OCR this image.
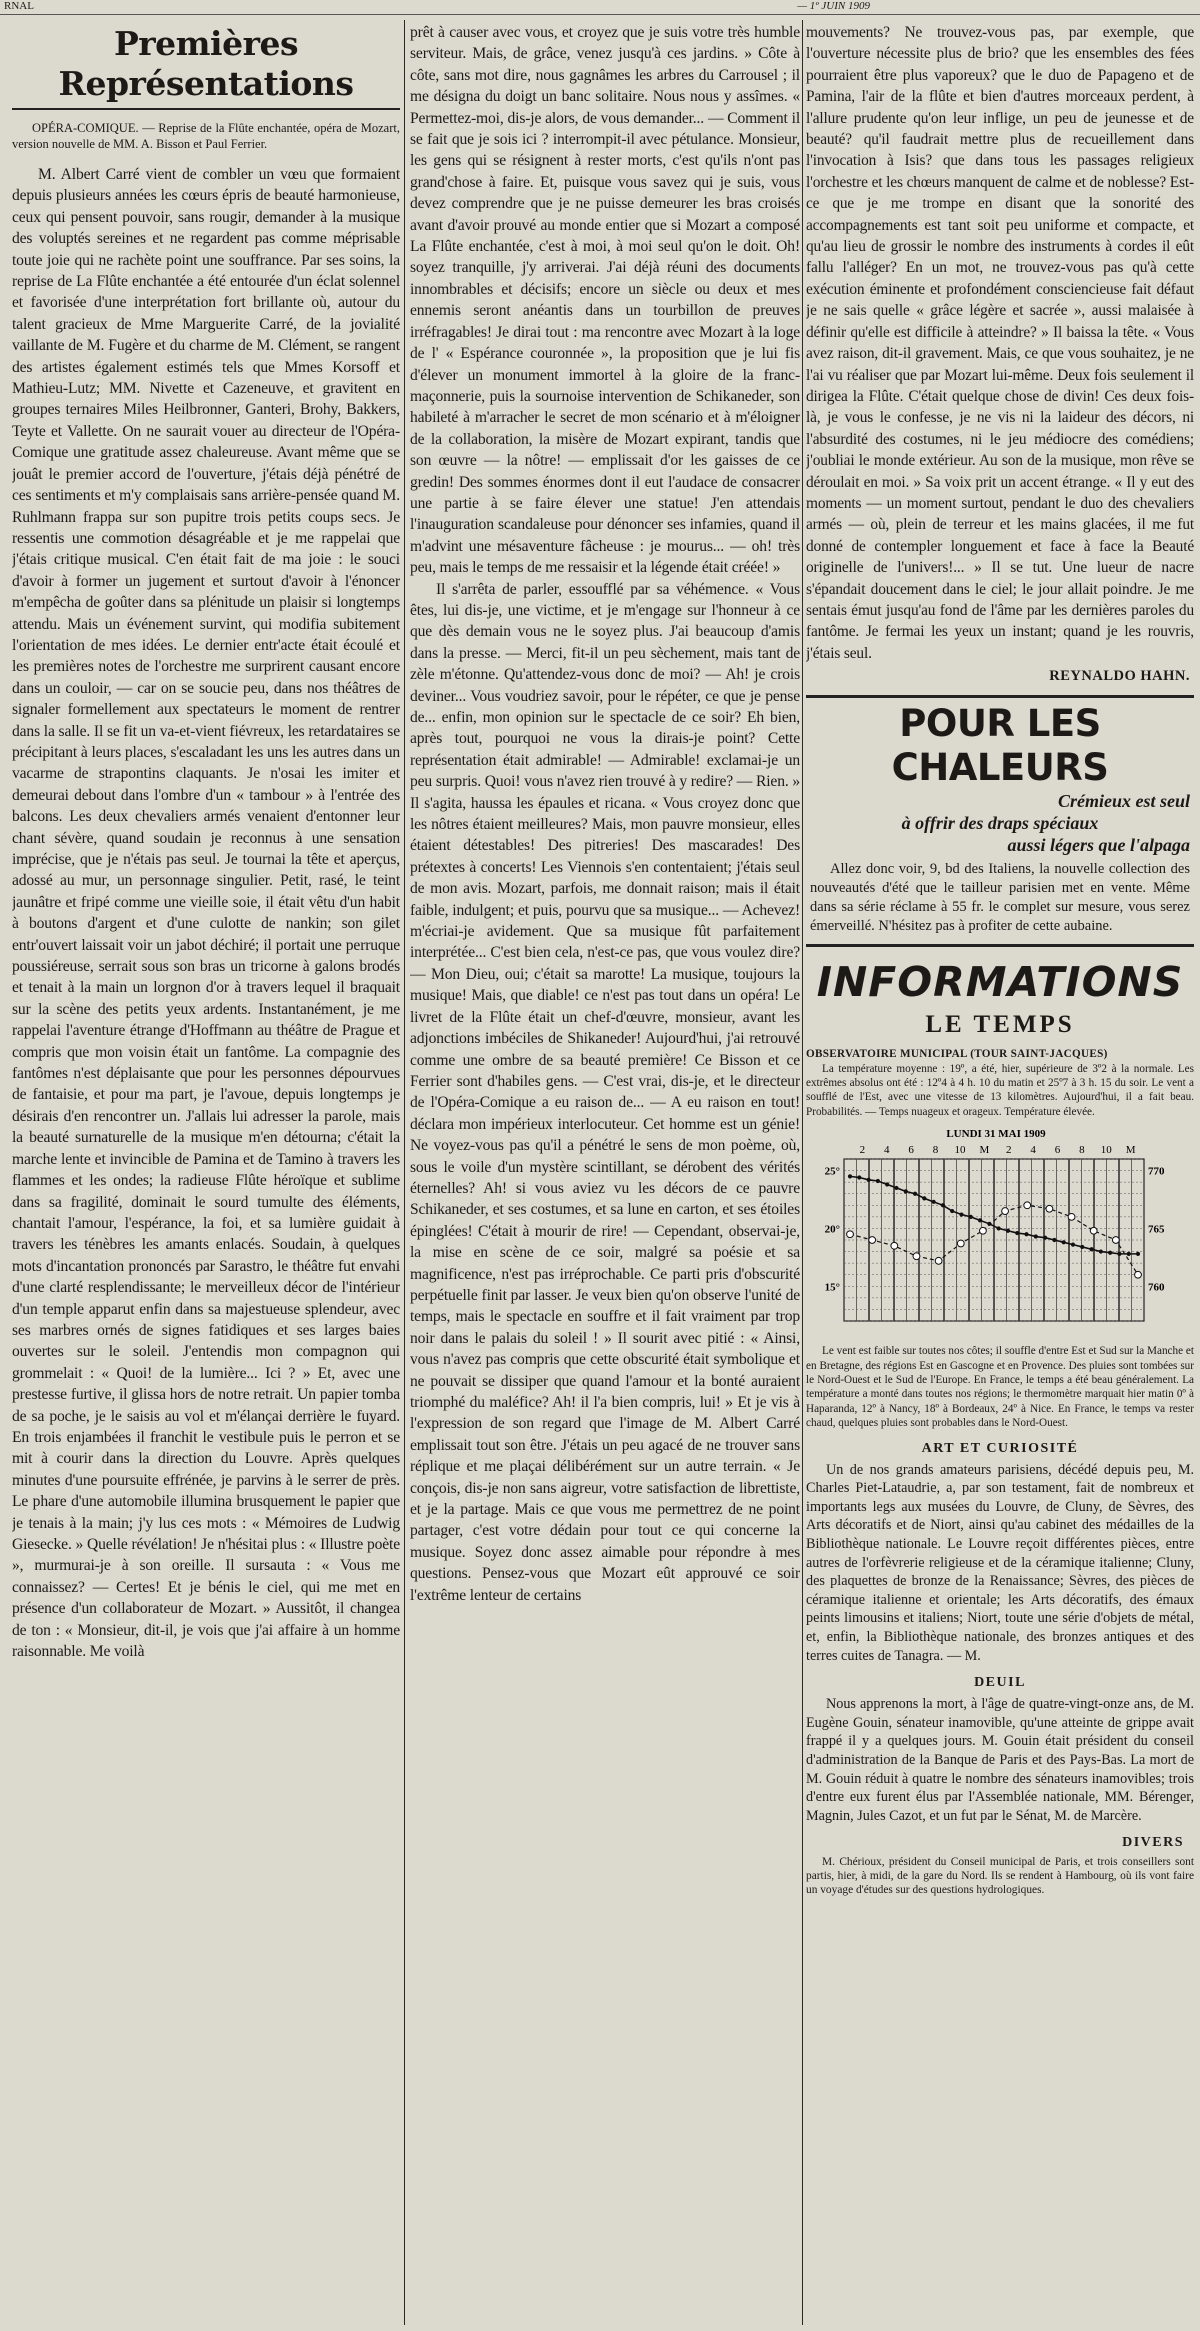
RNAL	— 1º JUIN 1909
Premières Représentations

OPÉRA-COMIQUE. — Reprise de la Flûte enchantée, opéra de Mozart, version nouvelle de MM. A. Bisson et Paul Ferrier.

M. Albert Carré vient de combler un vœu que formaient depuis plusieurs années les cœurs épris de beauté harmonieuse, ceux qui pensent pouvoir, sans rougir, demander à la musique des voluptés sereines et ne regardent pas comme méprisable toute joie qui ne rachète point une souffrance. Par ses soins, la reprise de La Flûte enchantée a été entourée d'un éclat solennel et favorisée d'une interprétation fort brillante où, autour du talent gracieux de Mme Marguerite Carré, de la jovialité vaillante de M. Fugère et du charme de M. Clément, se rangent des artistes également estimés tels que Mmes Korsoff et Mathieu-Lutz; MM. Nivette et Cazeneuve, et gravitent en groupes ternaires Miles Heilbronner, Ganteri, Brohy, Bakkers, Teyte et Vallette. On ne saurait vouer au directeur de l'Opéra-Comique une gratitude assez chaleureuse. Avant même que se jouât le premier accord de l'ouverture, j'étais déjà pénétré de ces sentiments et m'y complaisais sans arrière-pensée quand M. Ruhlmann frappa sur son pupitre trois petits coups secs. Je ressentis une commotion désagréable et je me rappelai que j'étais critique musical. C'en était fait de ma joie : le souci d'avoir à former un jugement et surtout d'avoir à l'énoncer m'empêcha de goûter dans sa plénitude un plaisir si longtemps attendu. Mais un événement survint, qui modifia subitement l'orientation de mes idées. Le dernier entr'acte était écoulé et les premières notes de l'orchestre me surprirent causant encore dans un couloir, — car on se soucie peu, dans nos théâtres de signaler formellement aux spectateurs le moment de rentrer dans la salle. Il se fit un va-et-vient fiévreux, les retardataires se précipitant à leurs places, s'escaladant les uns les autres dans un vacarme de strapontins claquants. Je n'osai les imiter et demeurai debout dans l'ombre d'un « tambour » à l'entrée des balcons. Les deux chevaliers armés venaient d'entonner leur chant sévère, quand soudain je reconnus à une sensation imprécise, que je n'étais pas seul. Je tournai la tête et aperçus, adossé au mur, un personnage singulier. Petit, rasé, le teint jaunâtre et fripé comme une vieille soie, il était vêtu d'un habit à boutons d'argent et d'une culotte de nankin; son gilet entr'ouvert laissait voir un jabot déchiré; il portait une perruque poussiéreuse, serrait sous son bras un tricorne à galons brodés et tenait à la main un lorgnon d'or à travers lequel il braquait sur la scène des petits yeux ardents. Instantanément, je me rappelai l'aventure étrange d'Hoffmann au théâtre de Prague et compris que mon voisin était un fantôme. La compagnie des fantômes n'est déplaisante que pour les personnes dépourvues de fantaisie, et pour ma part, je l'avoue, depuis longtemps je désirais d'en rencontrer un. J'allais lui adresser la parole, mais la beauté surnaturelle de la musique m'en détourna; c'était la marche lente et invincible de Pamina et de Tamino à travers les flammes et les ondes; la radieuse Flûte héroïque et sublime dans sa fragilité, dominait le sourd tumulte des éléments, chantait l'amour, l'espérance, la foi, et sa lumière guidait à travers les ténèbres les amants enlacés. Soudain, à quelques mots d'incantation prononcés par Sarastro, le théâtre fut envahi d'une clarté resplendissante; le merveilleux décor de l'intérieur d'un temple apparut enfin dans sa majestueuse splendeur, avec ses marbres ornés de signes fatidiques et ses larges baies ouvertes sur le soleil. J'entendis mon compagnon qui grommelait : « Quoi! de la lumière... Ici ? » Et, avec une prestesse furtive, il glissa hors de notre retrait. Un papier tomba de sa poche, je le saisis au vol et m'élançai derrière le fuyard. En trois enjambées il franchit le vestibule puis le perron et se mit à courir dans la direction du Louvre. Après quelques minutes d'une poursuite effrénée, je parvins à le serrer de près. Le phare d'une automobile illumina brusquement le papier que je tenais à la main; j'y lus ces mots : « Mémoires de Ludwig Giesecke. » Quelle révélation! Je n'hésitai plus : « Illustre poète », murmurai-je à son oreille. Il sursauta : « Vous me connaissez? — Certes! Et je bénis le ciel, qui me met en présence d'un collaborateur de Mozart. » Aussitôt, il changea de ton : « Monsieur, dit-il, je vois que j'ai affaire à un homme raisonnable. Me voilà

prêt à causer avec vous, et croyez que je suis votre très humble serviteur. Mais, de grâce, venez jusqu'à ces jardins. » Côte à côte, sans mot dire, nous gagnâmes les arbres du Carrousel ; il me désigna du doigt un banc solitaire. Nous nous y assîmes. « Permettez-moi, dis-je alors, de vous demander... — Comment il se fait que je sois ici ? interrompit-il avec pétulance. Monsieur, les gens qui se résignent à rester morts, c'est qu'ils n'ont pas grand'chose à faire. Et, puisque vous savez qui je suis, vous devez comprendre que je ne puisse demeurer les bras croisés avant d'avoir prouvé au monde entier que si Mozart a composé La Flûte enchantée, c'est à moi, à moi seul qu'on le doit. Oh! soyez tranquille, j'y arriverai. J'ai déjà réuni des documents innombrables et décisifs; encore un siècle ou deux et mes ennemis seront anéantis dans un tourbillon de preuves irréfragables! Je dirai tout : ma rencontre avec Mozart à la loge de l' « Espérance couronnée », la proposition que je lui fis d'élever un monument immortel à la gloire de la franc-maçonnerie, puis la sournoise intervention de Schikaneder, son habileté à m'arracher le secret de mon scénario et à m'éloigner de la collaboration, la misère de Mozart expirant, tandis que son œuvre — la nôtre! — emplissait d'or les gaisses de ce gredin! Des sommes énormes dont il eut l'audace de consacrer une partie à se faire élever une statue! J'en attendais l'inauguration scandaleuse pour dénoncer ses infamies, quand il m'advint une mésaventure fâcheuse : je mourus... — oh! très peu, mais le temps de me ressaisir et la légende était créée! »

Il s'arrêta de parler, essoufflé par sa véhémence. « Vous êtes, lui dis-je, une victime, et je m'engage sur l'honneur à ce que dès demain vous ne le soyez plus. J'ai beaucoup d'amis dans la presse. — Merci, fit-il un peu sèchement, mais tant de zèle m'étonne. Qu'attendez-vous donc de moi? — Ah! je crois deviner... Vous voudriez savoir, pour le répéter, ce que je pense de... enfin, mon opinion sur le spectacle de ce soir? Eh bien, après tout, pourquoi ne vous la dirais-je point? Cette représentation était admirable! — Admirable! exclamai-je un peu surpris. Quoi! vous n'avez rien trouvé à y redire? — Rien. » Il s'agita, haussa les épaules et ricana. « Vous croyez donc que les nôtres étaient meilleures? Mais, mon pauvre monsieur, elles étaient détestables! Des pitreries! Des mascarades! Des prétextes à concerts! Les Viennois s'en contentaient; j'étais seul de mon avis. Mozart, parfois, me donnait raison; mais il était faible, indulgent; et puis, pourvu que sa musique... — Achevez! m'écriai-je avidement. Que sa musique fût parfaitement interprétée... C'est bien cela, n'est-ce pas, que vous voulez dire? — Mon Dieu, oui; c'était sa marotte! La musique, toujours la musique! Mais, que diable! ce n'est pas tout dans un opéra! Le livret de la Flûte était un chef-d'œuvre, monsieur, avant les adjonctions imbéciles de Shikaneder! Aujourd'hui, j'ai retrouvé comme une ombre de sa beauté première! Ce Bisson et ce Ferrier sont d'habiles gens. — C'est vrai, dis-je, et le directeur de l'Opéra-Comique a eu raison de... — A eu raison en tout! déclara mon impérieux interlocuteur. Cet homme est un génie! Ne voyez-vous pas qu'il a pénétré le sens de mon poème, où, sous le voile d'un mystère scintillant, se dérobent des vérités éternelles? Ah! si vous aviez vu les décors de ce pauvre Schikaneder, et ses costumes, et sa lune en carton, et ses étoiles épinglées! C'était à mourir de rire! — Cependant, observai-je, la mise en scène de ce soir, malgré sa poésie et sa magnificence, n'est pas irréprochable. Ce parti pris d'obscurité perpétuelle finit par lasser. Je veux bien qu'on observe l'unité de temps, mais le spectacle en souffre et il fait vraiment par trop noir dans le palais du soleil ! » Il sourit avec pitié : « Ainsi, vous n'avez pas compris que cette obscurité était symbolique et ne pouvait se dissiper que quand l'amour et la bonté auraient triomphé du maléfice? Ah! il l'a bien compris, lui! » Et je vis à l'expression de son regard que l'image de M. Albert Carré emplissait tout son être. J'étais un peu agacé de ne trouver sans réplique et me plaçai délibérément sur un autre terrain. « Je conçois, dis-je non sans aigreur, votre satisfaction de librettiste, et je la partage. Mais ce que vous me permettrez de ne point partager, c'est votre dédain pour tout ce qui concerne la musique. Soyez donc assez aimable pour répondre à mes questions. Pensez-vous que Mozart eût approuvé ce soir l'extrême lenteur de certains

mouvements? Ne trouvez-vous pas, par exemple, que l'ouverture nécessite plus de brio? que les ensembles des fées pourraient être plus vaporeux? que le duo de Papageno et de Pamina, l'air de la flûte et bien d'autres morceaux perdent, à l'allure prudente qu'on leur inflige, un peu de jeunesse et de beauté? qu'il faudrait mettre plus de recueillement dans l'invocation à Isis? que dans tous les passages religieux l'orchestre et les chœurs manquent de calme et de noblesse? Est-ce que je me trompe en disant que la sonorité des accompagnements est tant soit peu uniforme et compacte, et qu'au lieu de grossir le nombre des instruments à cordes il eût fallu l'alléger? En un mot, ne trouvez-vous pas qu'à cette exécution éminente et profondément consciencieuse fait défaut je ne sais quelle « grâce légère et sacrée », aussi malaisée à définir qu'elle est difficile à atteindre? » Il baissa la tête. « Vous avez raison, dit-il gravement. Mais, ce que vous souhaitez, je ne l'ai vu réaliser que par Mozart lui-même. Deux fois seulement il dirigea la Flûte. C'était quelque chose de divin! Ces deux fois-là, je vous le confesse, je ne vis ni la laideur des décors, ni l'absurdité des costumes, ni le jeu médiocre des comédiens; j'oubliai le monde extérieur. Au son de la musique, mon rêve se déroulait en moi. » Sa voix prit un accent étrange. « Il y eut des moments — un moment surtout, pendant le duo des chevaliers armés — où, plein de terreur et les mains glacées, il me fut donné de contempler longuement et face à face la Beauté originelle de l'univers!... » Il se tut. Une lueur de nacre s'épandait doucement dans le ciel; le jour allait poindre. Je me sentais émut jusqu'au fond de l'âme par les dernières paroles du fantôme. Je fermai les yeux un instant; quand je les rouvris, j'étais seul.

REYNALDO HAHN.
POUR LES CHALEURS
Crémieux est seul
à offrir des draps spéciaux
aussi légers que l'alpaga

Allez donc voir, 9, bd des Italiens, la nouvelle collection des nouveautés d'été que le tailleur parisien met en vente. Même dans sa série réclame à 55 fr. le complet sur mesure, vous serez émerveillé. N'hésitez pas à profiter de cette aubaine.

INFORMATIONS
LE TEMPS

OBSERVATOIRE MUNICIPAL (TOUR SAINT-JACQUES)

La température moyenne : 19º, a été, hier, supérieure de 3º2 à la normale. Les extrêmes absolus ont été : 12º4 à 4 h. 10 du matin et 25º7 à 3 h. 15 du soir. Le vent a soufflé de l'Est, avec une vitesse de 13 kilomètres. Aujourd'hui, il a fait beau. Probabilités. — Temps nuageux et orageux. Température élevée.

LUNDI 31 MAI 1909
2 4 6 8 10 M 2 4 6 8 10 M
25°
20°
15°
770
765
760

Le vent est faible sur toutes nos côtes; il souffle d'entre Est et Sud sur la Manche et en Bretagne, des régions Est en Gascogne et en Provence. Des pluies sont tombées sur le Nord-Ouest et le Sud de l'Europe. En France, le temps a été beau généralement. La température a monté dans toutes nos régions; le thermomètre marquait hier matin 0º à Haparanda, 12º à Nancy, 18º à Bordeaux, 24º à Nice. En France, le temps va rester chaud, quelques pluies sont probables dans le Nord-Ouest.

ART ET CURIOSITÉ

Un de nos grands amateurs parisiens, décédé depuis peu, M. Charles Piet-Lataudrie, a, par son testament, fait de nombreux et importants legs aux musées du Louvre, de Cluny, de Sèvres, des Arts décoratifs et de Niort, ainsi qu'au cabinet des médailles de la Bibliothèque nationale. Le Louvre reçoit différentes pièces, entre autres de l'orfèvrerie religieuse et de la céramique italienne; Cluny, des plaquettes de bronze de la Renaissance; Sèvres, des pièces de céramique italienne et orientale; les Arts décoratifs, des émaux peints limousins et italiens; Niort, toute une série d'objets de métal, et, enfin, la Bibliothèque nationale, des bronzes antiques et des terres cuites de Tanagra. — M.

DEUIL

Nous apprenons la mort, à l'âge de quatre-vingt-onze ans, de M. Eugène Gouin, sénateur inamovible, qu'une atteinte de grippe avait frappé il y a quelques jours. M. Gouin était président du conseil d'administration de la Banque de Paris et des Pays-Bas. La mort de M. Gouin réduit à quatre le nombre des sénateurs inamovibles; trois d'entre eux furent élus par l'Assemblée nationale, MM. Bérenger, Magnin, Jules Cazot, et un fut par le Sénat, M. de Marcère.

DIVERS

M. Chérioux, président du Conseil municipal de Paris, et trois conseillers sont partis, hier, à midi, de la gare du Nord. Ils se rendent à Hambourg, où ils vont faire un voyage d'études sur des questions hydrologiques.
